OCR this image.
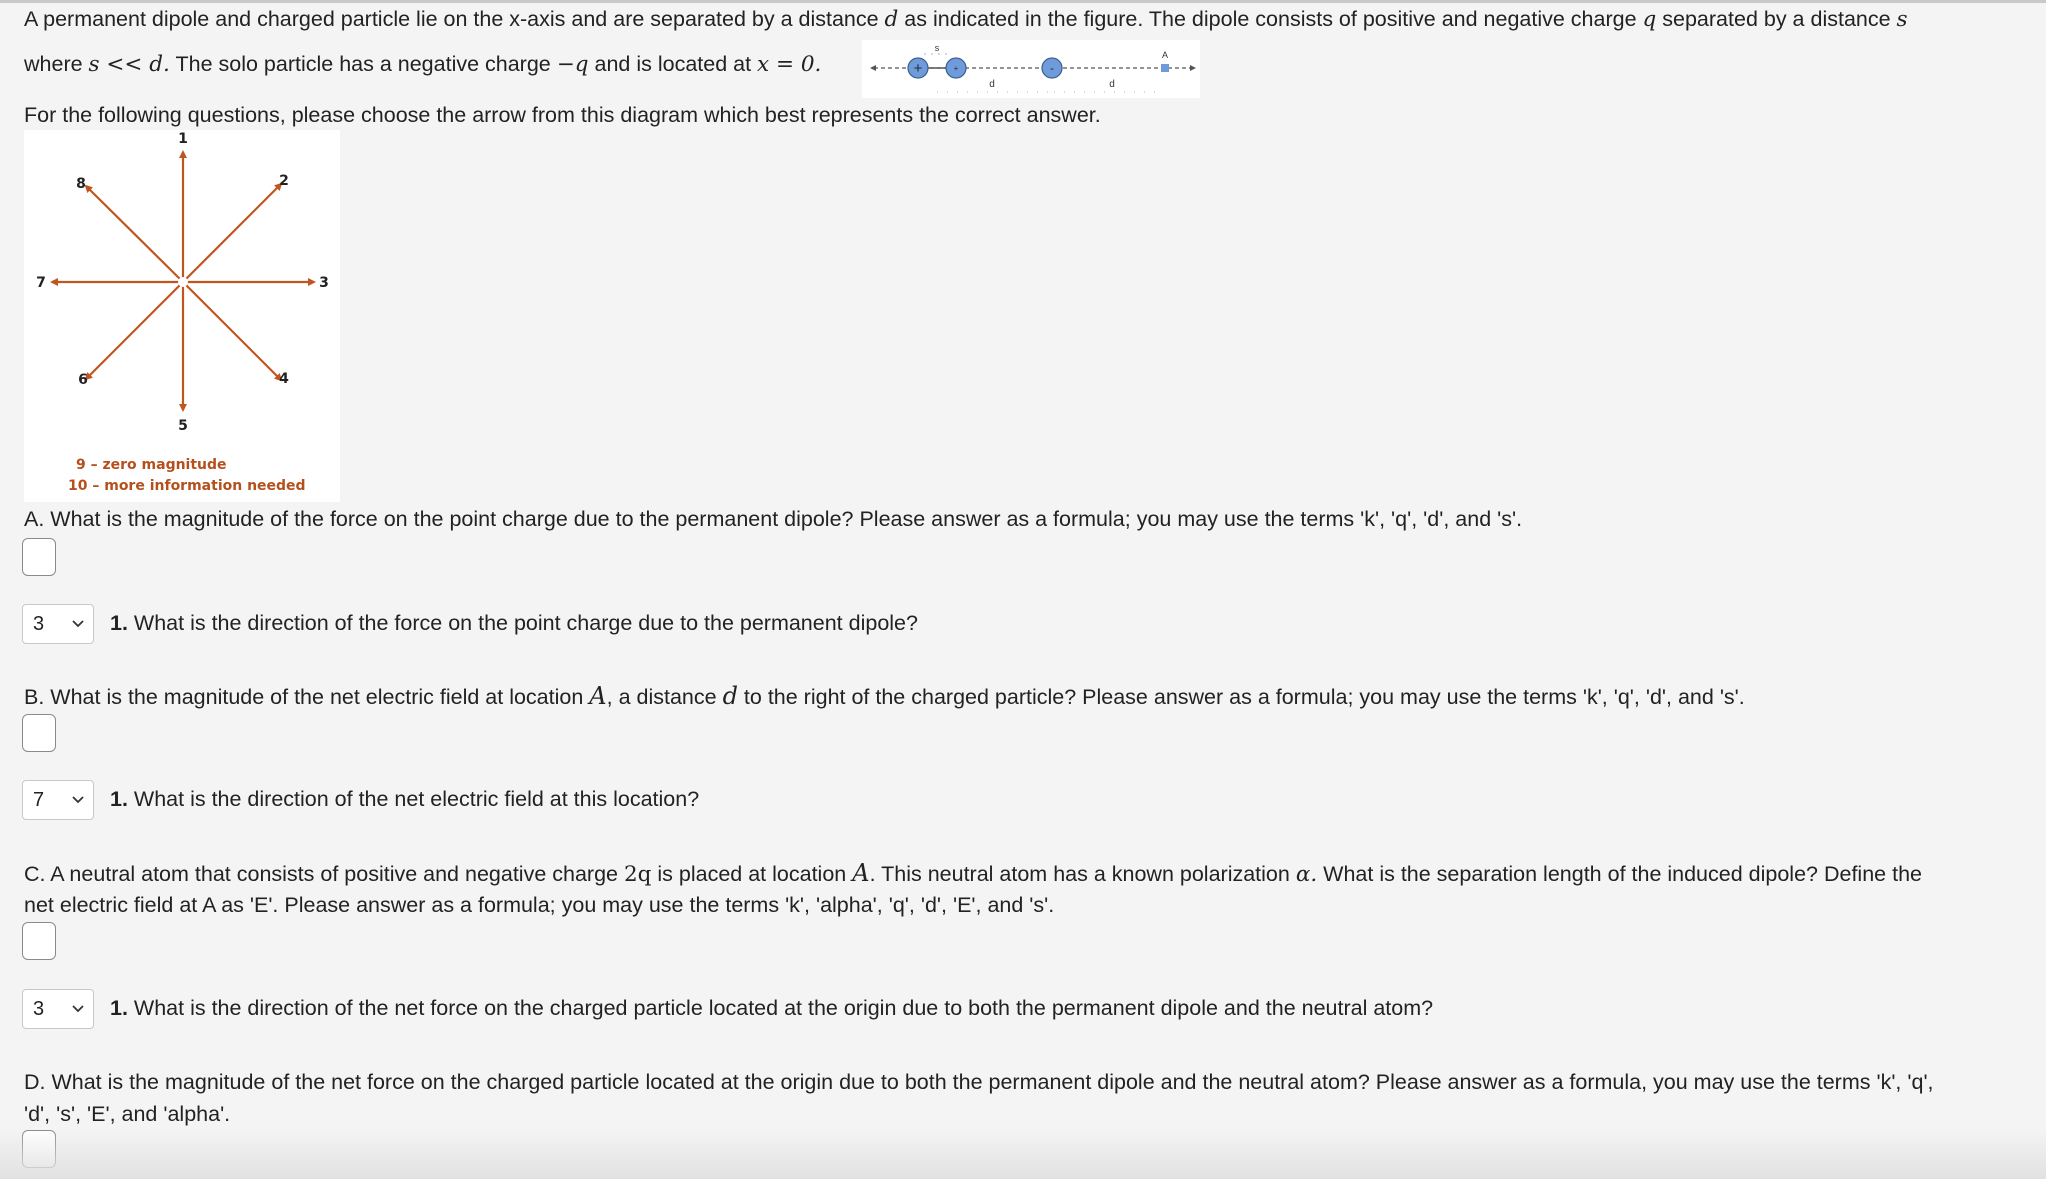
A permanent dipole and charged particle lie on the x-axis and are separated by a distance d as indicated in the figure. The dipole consists of positive and negative charge q separated by a distance s
where s << d. The solo particle has a negative charge −q and is located at x = 0.	+	+
s
-
d	d
A
For the following questions, please choose the arrow from this diagram which best represents the correct answer.
1
2
3
4
5
6
7
8
9 – zero magnitude
10 – more information needed
A. What is the magnitude of the force on the point charge due to the permanent dipole? Please answer as a formula; you may use the terms 'k', 'q', 'd', and 's'.
3	1. What is the direction of the force on the point charge due to the permanent dipole?
B. What is the magnitude of the net electric field at location A, a distance d to the right of the charged particle? Please answer as a formula; you may use the terms 'k', 'q', 'd', and 's'.
7	1. What is the direction of the net electric field at this location?
C. A neutral atom that consists of positive and negative charge 2q is placed at location A. This neutral atom has a known polarization α. What is the separation length of the induced dipole? Define the
net electric field at A as 'E'. Please answer as a formula; you may use the terms 'k', 'alpha', 'q', 'd', 'E', and 's'.
3	1. What is the direction of the net force on the charged particle located at the origin due to both the permanent dipole and the neutral atom?
D. What is the magnitude of the net force on the charged particle located at the origin due to both the permanent dipole and the neutral atom? Please answer as a formula, you may use the terms 'k', 'q',
'd', 's', 'E', and 'alpha'.
